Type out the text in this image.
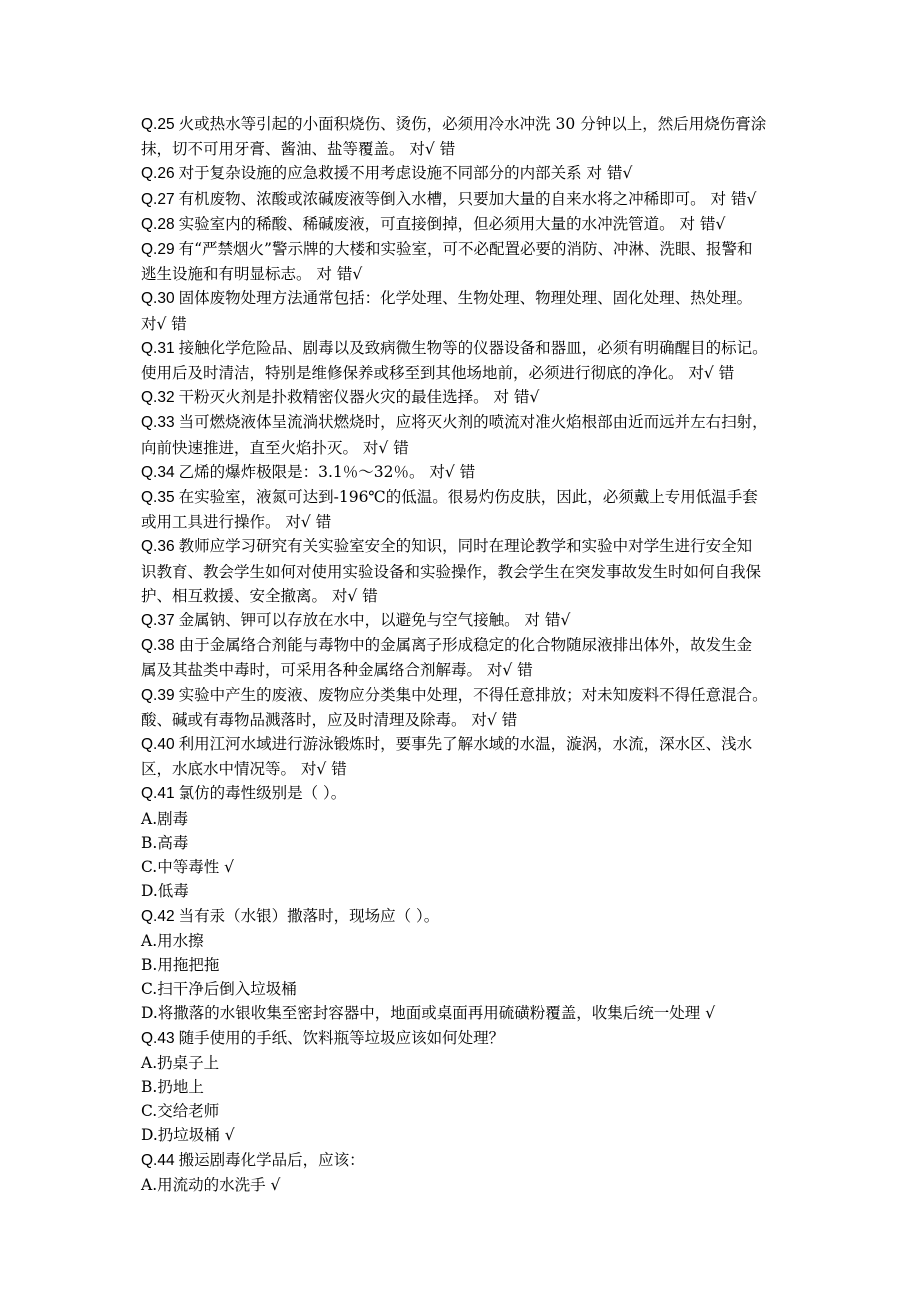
Q.25 火或热水等引起的小面积烧伤、烫伤，必须用冷水冲洗 30 分钟以上，然后用烧伤膏涂
抹，切不可用牙膏、酱油、盐等覆盖。 对√ 错
Q.26 对于复杂设施的应急救援不用考虑设施不同部分的内部关系 对 错√
Q.27 有机废物、浓酸或浓碱废液等倒入水槽，只要加大量的自来水将之冲稀即可。 对 错√
Q.28 实验室内的稀酸、稀碱废液，可直接倒掉，但必须用大量的水冲洗管道。 对 错√
Q.29 有“严禁烟火”警示牌的大楼和实验室，可不必配置必要的消防、冲淋、洗眼、报警和
逃生设施和有明显标志。 对 错√
Q.30 固体废物处理方法通常包括：化学处理、生物处理、物理处理、固化处理、热处理。
对√ 错
Q.31 接触化学危险品、剧毒以及致病微生物等的仪器设备和器皿，必须有明确醒目的标记。
使用后及时清洁，特别是维修保养或移至到其他场地前，必须进行彻底的净化。 对√ 错
Q.32 干粉灭火剂是扑救精密仪器火灾的最佳选择。 对 错√
Q.33 当可燃烧液体呈流淌状燃烧时，应将灭火剂的喷流对准火焰根部由近而远并左右扫射，
向前快速推进，直至火焰扑灭。 对√ 错
Q.34 乙烯的爆炸极限是：3.1％～32％。 对√ 错
Q.35 在实验室，液氮可达到-196℃的低温。很易灼伤皮肤，因此，必须戴上专用低温手套
或用工具进行操作。 对√ 错
Q.36 教师应学习研究有关实验室安全的知识，同时在理论教学和实验中对学生进行安全知
识教育、教会学生如何对使用实验设备和实验操作，教会学生在突发事故发生时如何自我保
护、相互救援、安全撤离。 对√ 错
Q.37 金属钠、钾可以存放在水中，以避免与空气接触。 对 错√
Q.38 由于金属络合剂能与毒物中的金属离子形成稳定的化合物随尿液排出体外，故发生金
属及其盐类中毒时，可采用各种金属络合剂解毒。 对√ 错
Q.39 实验中产生的废液、废物应分类集中处理，不得任意排放；对未知废料不得任意混合。
酸、碱或有毒物品溅落时，应及时清理及除毒。 对√ 错
Q.40 利用江河水域进行游泳锻炼时，要事先了解水域的水温，漩涡，水流，深水区、浅水
区，水底水中情况等。 对√ 错
Q.41 氯仿的毒性级别是（ ）。
A.剧毒
B.高毒
C.中等毒性 √
D.低毒
Q.42 当有汞（水银）撒落时，现场应（ ）。
A.用水擦
B.用拖把拖
C.扫干净后倒入垃圾桶
D.将撒落的水银收集至密封容器中，地面或桌面再用硫磺粉覆盖，收集后统一处理 √
Q.43 随手使用的手纸、饮料瓶等垃圾应该如何处理？
A.扔桌子上
B.扔地上
C.交给老师
D.扔垃圾桶 √
Q.44 搬运剧毒化学品后，应该：
A.用流动的水洗手 √
